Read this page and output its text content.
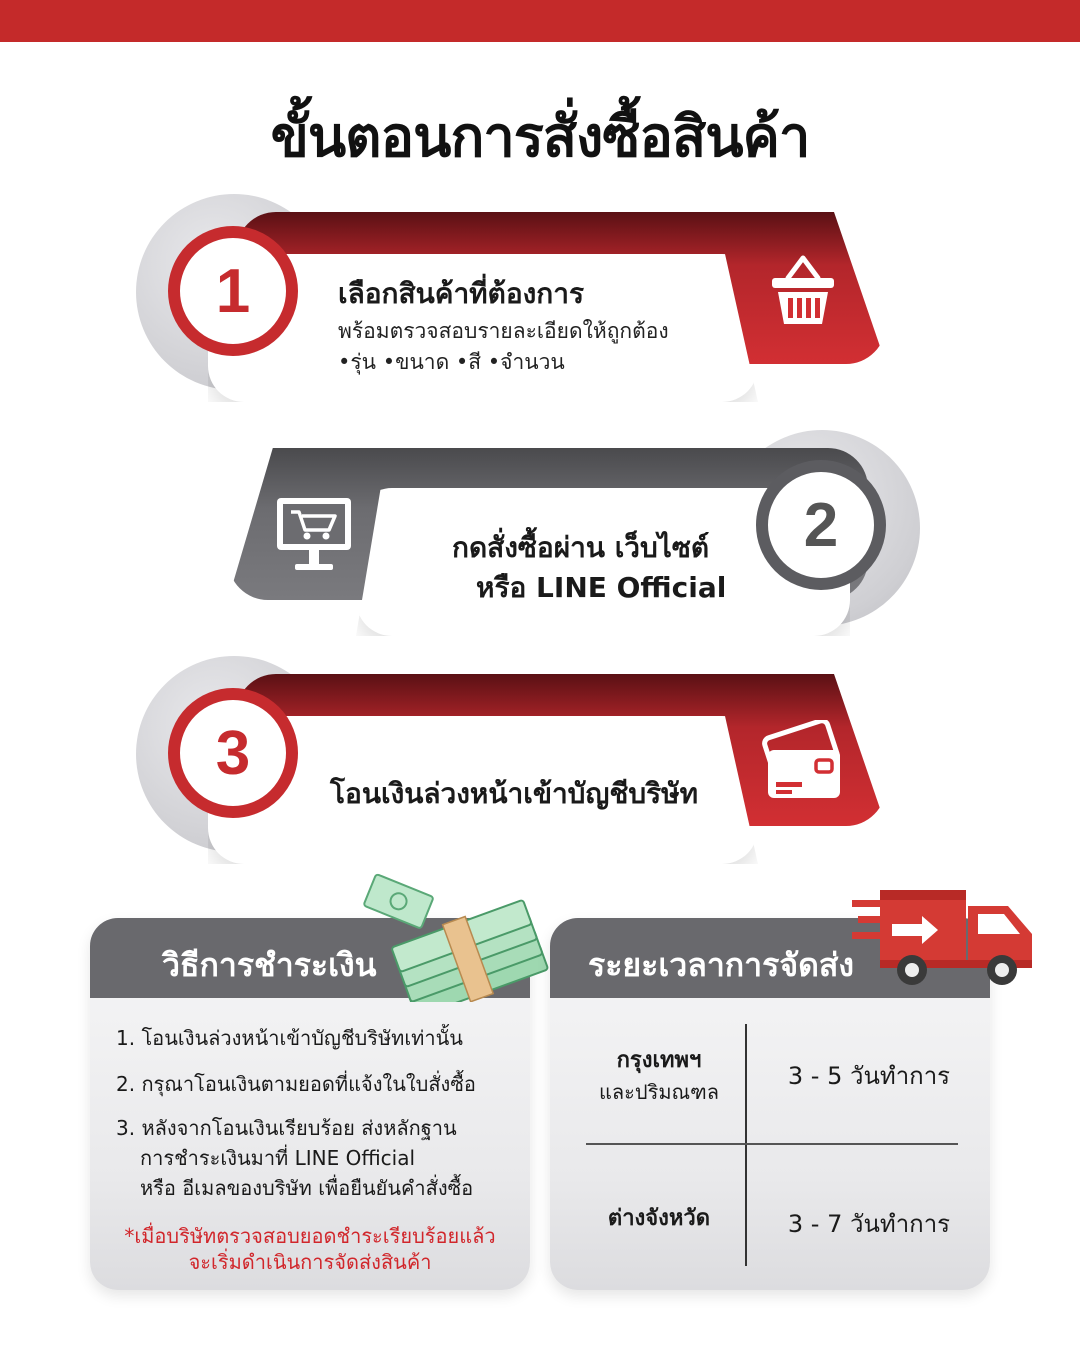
ขั้นตอนการสั่งซื้อสินค้า
1	เลือกสินค้าที่ต้องการ
พร้อมตรวจสอบรายละเอียดให้ถูกต้อง
•รุ่น •ขนาด •สี •จำนวน
2
กดสั่งซื้อผ่าน เว็บไซต์
หรือ LINE Official
3
โอนเงินล่วงหน้าเข้าบัญชีบริษัท
วิธีการชำระเงิน
1. โอนเงินล่วงหน้าเข้าบัญชีบริษัทเท่านั้น
2. กรุณาโอนเงินตามยอดที่แจ้งในใบสั่งซื้อ
3. หลังจากโอนเงินเรียบร้อย ส่งหลักฐาน
การชำระเงินมาที่ LINE Official
หรือ อีเมลของบริษัท เพื่อยืนยันคำสั่งซื้อ
*เมื่อบริษัทตรวจสอบยอดชำระเรียบร้อยแล้ว
จะเริ่มดำเนินการจัดส่งสินค้า
ระยะเวลาการจัดส่ง
กรุงเทพฯ
และปริมณฑล
3 - 5 วันทำการ
ต่างจังหวัด	3 - 7 วันทำการ
